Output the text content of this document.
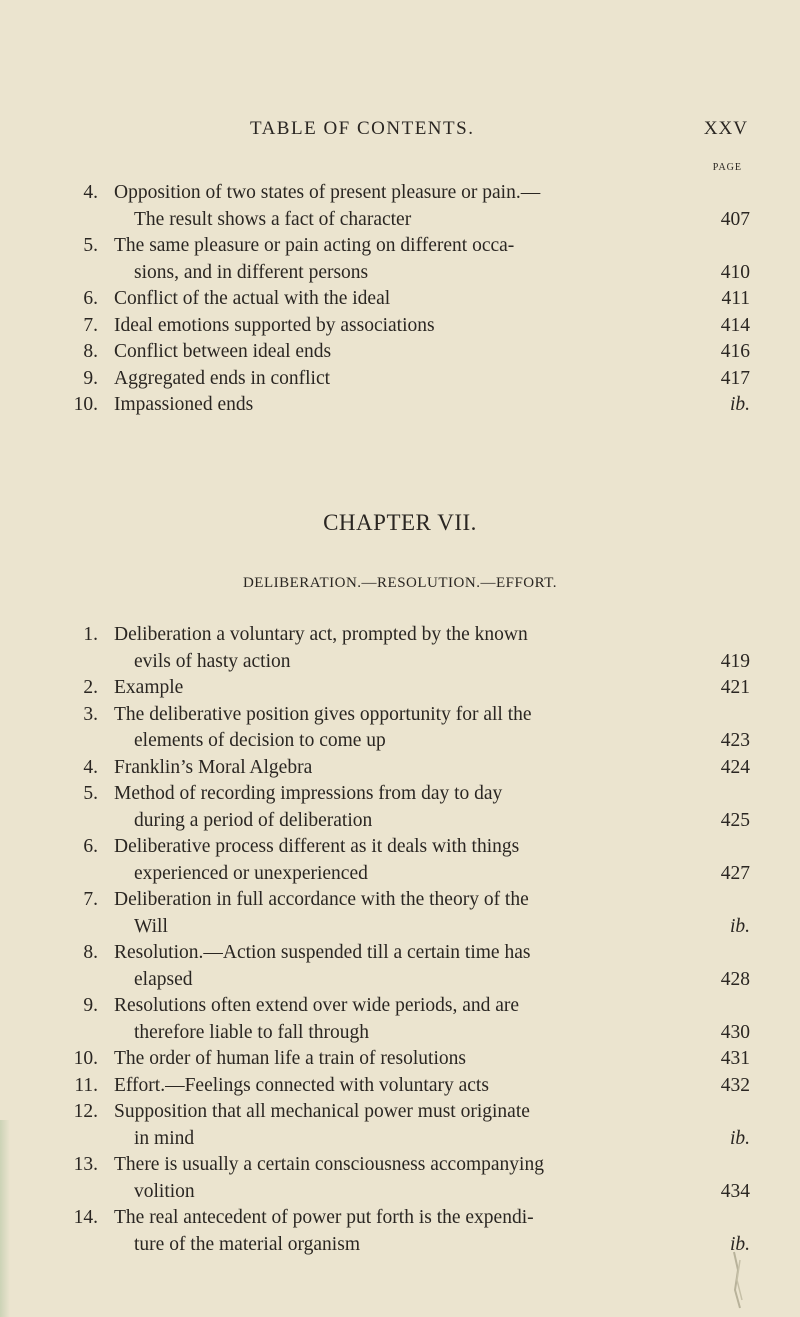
TABLE OF CONTENTS.	XXV
PAGE
4. Opposition of two states of present pleasure or pain.—
The result shows a fact of character	407
5. The same pleasure or pain acting on different occa-
sions, and in different persons	410
6. Conflict of the actual with the ideal	411
7. Ideal emotions supported by associations	414
8. Conflict between ideal ends	416
9. Aggregated ends in conflict	417
10. Impassioned ends	ib.
CHAPTER VII.
DELIBERATION.—RESOLUTION.—EFFORT.
1. Deliberation a voluntary act, prompted by the known
evils of hasty action	419
2. Example	421
3. The deliberative position gives opportunity for all the
elements of decision to come up	423
4. Franklin’s Moral Algebra	424
5. Method of recording impressions from day to day
during a period of deliberation	425
6. Deliberative process different as it deals with things
experienced or unexperienced	427
7. Deliberation in full accordance with the theory of the
Will	ib.
8. Resolution.—Action suspended till a certain time has
elapsed	428
9. Resolutions often extend over wide periods, and are
therefore liable to fall through	430
10. The order of human life a train of resolutions	431
11. Effort.—Feelings connected with voluntary acts	432
12. Supposition that all mechanical power must originate
in mind	ib.
13. There is usually a certain consciousness accompanying
volition	434
14. The real antecedent of power put forth is the expendi-
ture of the material organism	ib.
